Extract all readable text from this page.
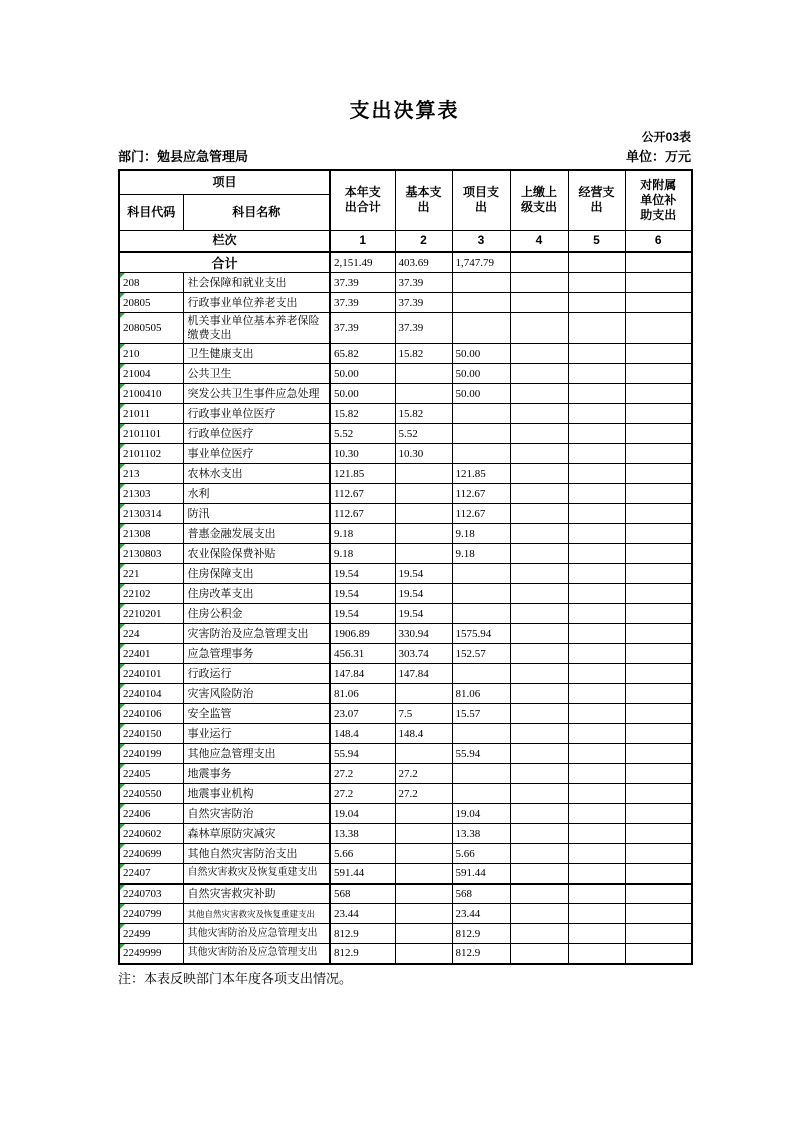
支出决算表
公开03表
部门：勉县应急管理局	单位：万元
项目		本年支出合计	基本支出	项目支出	上缴上级支出	经营支出	对附属单位补助支出
科目代码	科目名称						
栏次		1	2	3	4	5	6
合计		2,151.49	403.69	1,747.79			
208	社会保障和就业支出	37.39	37.39				
20805	行政事业单位养老支出	37.39	37.39				
2080505	机关事业单位基本养老保险缴费支出	37.39	37.39				
210	卫生健康支出	65.82	15.82	50.00			
21004	公共卫生	50.00		50.00			
2100410	突发公共卫生事件应急处理	50.00		50.00			
21011	行政事业单位医疗	15.82	15.82				
2101101	行政单位医疗	5.52	5.52				
2101102	事业单位医疗	10.30	10.30				
213	农林水支出	121.85		121.85			
21303	水利	112.67		112.67			
2130314	防汛	112.67		112.67			
21308	普惠金融发展支出	9.18		9.18			
2130803	农业保险保费补贴	9.18		9.18			
221	住房保障支出	19.54	19.54				
22102	住房改革支出	19.54	19.54				
2210201	住房公积金	19.54	19.54				
224	灾害防治及应急管理支出	1906.89	330.94	1575.94			
22401	应急管理事务	456.31	303.74	152.57			
2240101	行政运行	147.84	147.84				
2240104	灾害风险防治	81.06		81.06			
2240106	安全监管	23.07	7.5	15.57			
2240150	事业运行	148.4	148.4				
2240199	其他应急管理支出	55.94		55.94			
22405	地震事务	27.2	27.2				
2240550	地震事业机构	27.2	27.2				
22406	自然灾害防治	19.04		19.04			
2240602	森林草原防灾减灾	13.38		13.38			
2240699	其他自然灾害防治支出	5.66		5.66			
22407	自然灾害救灾及恢复重建支出	591.44		591.44			
2240703	自然灾害救灾补助	568		568			
2240799	其他自然灾害救灾及恢复重建支出	23.44		23.44			
22499	其他灾害防治及应急管理支出	812.9		812.9			
2249999	其他灾害防治及应急管理支出	812.9		812.9			
注：本表反映部门本年度各项支出情况。
